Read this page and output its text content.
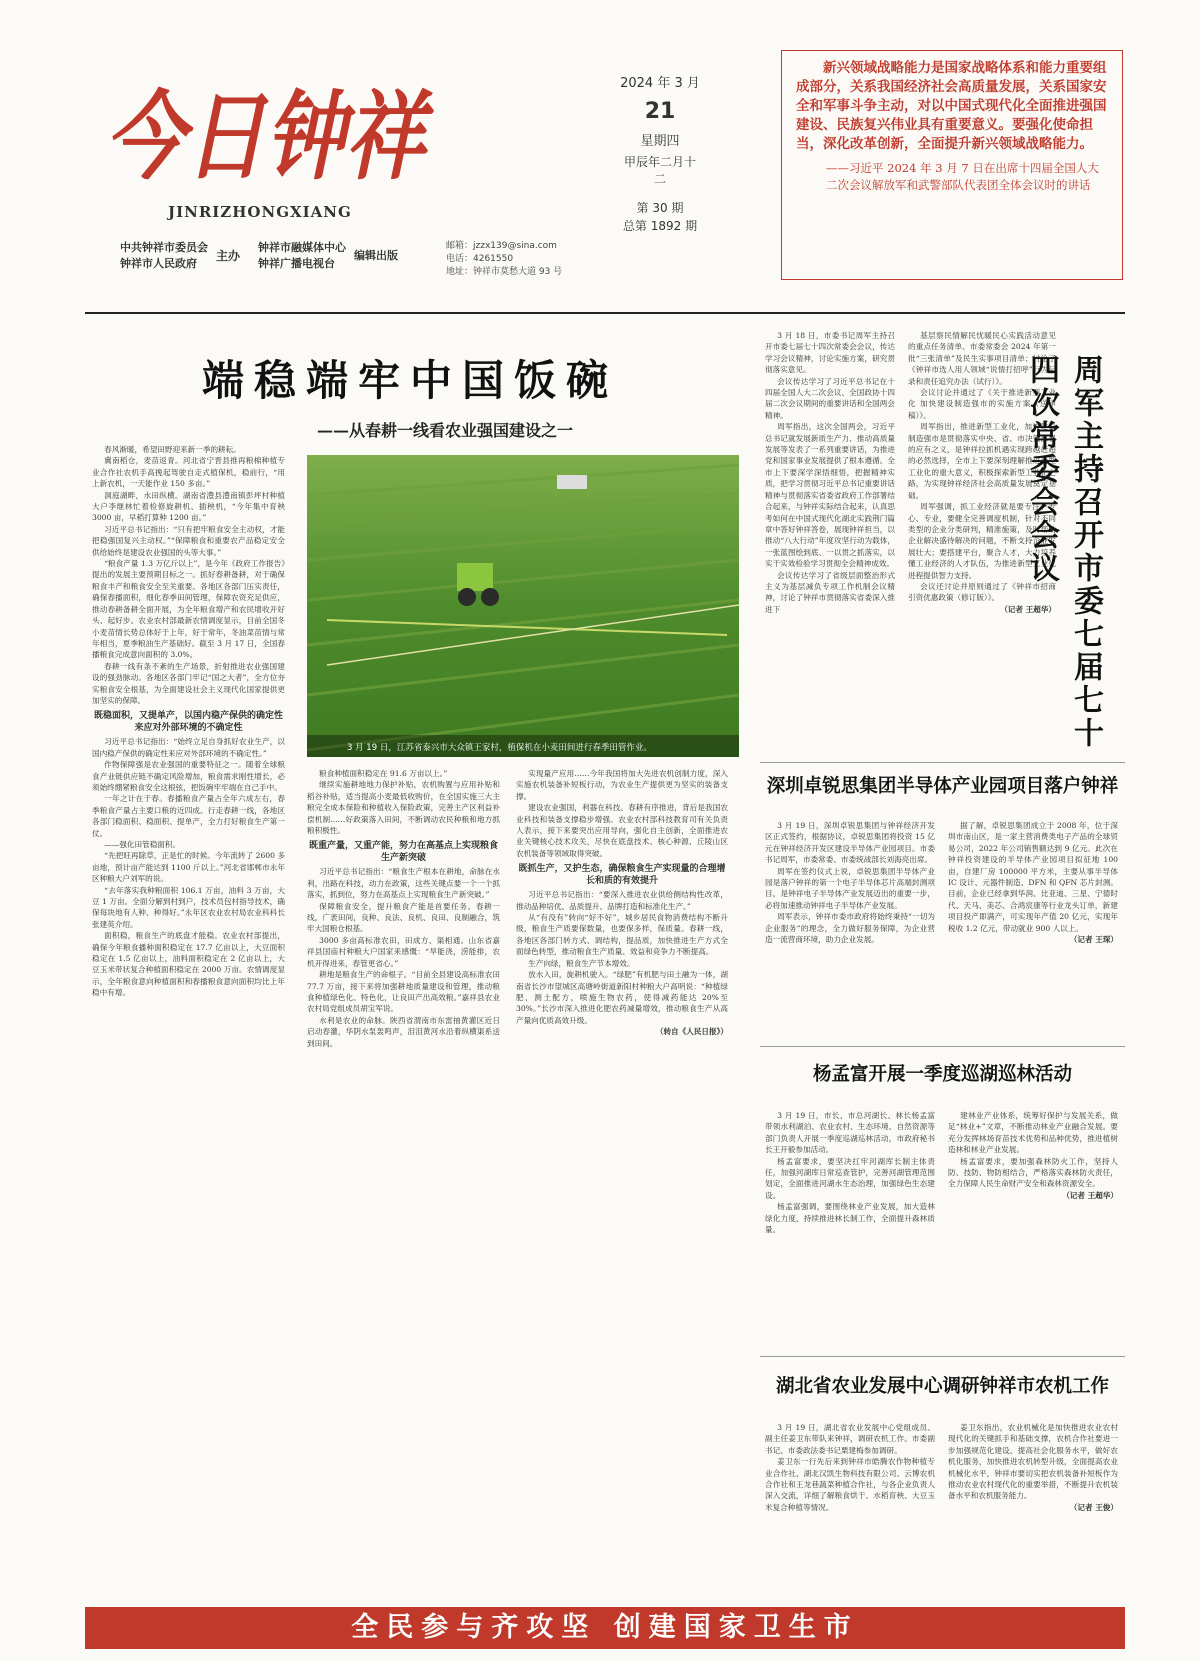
今日钟祥
JINRIZHONGXIANG
2024 年 3 月
21
星期四
甲辰年二月十二
第 30 期
总第 1892 期
中共钟祥市委员会
钟祥市人民政府
主办
钟祥市融媒体中心
钟祥广播电视台
编辑出版
邮箱：jzzx139@sina.com
电话：4261550
地址：钟祥市莫愁大道 93 号
新兴领域战略能力是国家战略体系和能力重要组成部分，关系我国经济社会高质量发展，关系国家安全和军事斗争主动，对以中国式现代化全面推进强国建设、民族复兴伟业具有重要意义。要强化使命担当，深化改革创新，全面提升新兴领域战略能力。
——习近平 2024 年 3 月 7 日在出席十四届全国人大二次会议解放军和武警部队代表团全体会议时的讲话
端稳端牢中国饭碗
——从春耕一线看农业强国建设之一
3 月 19 日，江苏省泰兴市大众镇王家村，植保机在小麦田间进行春季田管作业。

春风渐暖，希望田野迎来新一季的耕耘。

冀南稻仓，麦苗返青。河北省宁晋县推再粮棉种植专业合作社农机手高挽起驾驶自走式植保机，稳前行，“用上新农机，一天能作业 150 多亩。”

洞庭湖畔，水田纵横。湖南省澧县澧南镇彭坪村种植大户李继林忙着检修旋耕机、插秧机，“今年集中育秧 3000 亩，早稻打算种 1200 亩。”

习近平总书记指出：“只有把牢粮食安全主动权，才能把稳强国复兴主动权。”“保障粮食和重要农产品稳定安全供给始终是建设农业强国的头等大事。”

“粮食产量 1.3 万亿斤以上”，是今年《政府工作报告》提出的发展主要预期目标之一。抓好春耕备耕，对于确保粮食丰产和粮食安全至关重要。各地区各部门压实责任，确保春播面积，细化春季田间管理，保障农资充足供应，推动春耕备耕全面开展，为全年粮食增产和农民增收开好头、起好步。农业农村部最新农情调度显示，目前全国冬小麦苗情长势总体好于上年，好于常年，冬油菜苗情与常年相当，夏季粮油生产基础好。截至 3 月 17 日，全国春播粮食完成意向面积的 3.0%。

春耕一线有条不紊的生产场景，折射推进农业强国建设的强劲脉动。各地区各部门牢记“国之大者”，全方位夯实粮食安全根基，为全面建设社会主义现代化国家提供更加坚实的保障。

既稳面积，又提单产，以国内稳产保供的确定性来应对外部环境的不确定性

习近平总书记指出：“始终立足自身抓好农业生产，以国内稳产保供的确定性来应对外部环境的不确定性。”

作物保障强是农业强国的重要特征之一。随着全球粮食产业链供应链不确定风险增加，粮食需求刚性增长，必须始终绷紧粮食安全这根弦，把饭碗牢牢端在自己手中。

一年之计在于春。春播粮食产量占全年六成左右，春季粮食产量占主要口粮的近四成。行走春耕一线，各地区各部门稳面积、稳面积、提单产，全力打好粮食生产第一仗。

——强化田管稳面积。

“先把旺再除草，正是忙的时候。今年流转了 2600 多亩地，预计亩产能达到 1100 斤以上。”河北省邯郸市永年区种粮大户刘军的说。

“去年落实我种粮面积 106.1 万亩，油料 3 万亩，大豆 1 万亩。全面分解到村到户，技术员包村指导技术，确保每块地有人种、种得好。”永年区农业农村局农业科科长张建英介绍。

面积稳，粮食生产的底盘才能稳。农业农村部提出，确保今年粮食播种面积稳定在 17.7 亿亩以上，大豆面积稳定在 1.5 亿亩以上，油料面积稳定在 2 亿亩以上，大豆玉米带状复合种植面积稳定在 2000 万亩。农情调度显示，全年粮食意向种植面积和春播粮食意向面积均比上年稳中有增。

粮食种植面积稳定在 91.6 万亩以上。”

继续实施耕地地力保护补贴，农机购置与应用补贴和稻谷补贴，适当提高小麦最低收购价，在全国实施三大主粮完全成本保险和种植收入保险政策，完善主产区利益补偿机制……好政策落入田间，不断调动农民种粮和地方抓粮积极性。

既重产量，又重产能，努力在高基点上实现粮食生产新突破

习近平总书记指出：“粮食生产根本在耕地，命脉在水利，出路在科技，动力在政策，这些关键点要一个一个抓落实，抓到位，努力在高基点上实现粮食生产新突破。”

保障粮食安全，提升粮食产能是首要任务。春耕一线，广袤田间，良种、良法、良机、良田、良制融合，筑牢大国粮仓根基。

3000 多亩高标准农田，田成方、渠相通。山东省嘉祥县国庙村种粮大户国家来感慨：“旱能浇，涝能排，农机开得进来，春管更省心。”

耕地是粮食生产的命根子。“目前全县建设高标准农田 77.7 万亩，接下来将加强耕地质量建设和管理，推动粮食种植绿色化、特色化，让良田产出高效粮。”嘉祥县农业农村局党组成员胡宝军说。

水利是农业的命脉。陕西省渭南市东雷抽黄灌区近日启动春灌，华阴水泵轰鸣声，泪泪黄河水沿着纵横渠系送到田间。

实现量产应用……今年我国将加大先进农机创制力度，深入实施农机装备补短板行动，为农业生产提供更为坚实的装备支撑。

建设农业强国，利器在科技。春耕有序推进，背后是我国农业科技和装备支撑稳步增强。农业农村部科技教育司有关负责人表示，接下来要突出应用导向，强化自主创新，全面推进农业关键核心技术攻关，尽快在底盘技术、核心种源、丘陵山区农机装备等领域取得突破。

既抓生产，又护生态，确保粮食生产实现量的合理增长和质的有效提升

习近平总书记指出：“要深入推进农业供给侧结构性改革，推动品种培优、品质提升、品牌打造和标准化生产。”

从“有没有”转向“好不好”，城乡居民食物消费结构不断升级，粮食生产质要保数量，也要保多样，保质量。春耕一线，各地区各部门转方式、调结构，提品质，加快推进生产方式全面绿色转型，推动粮食生产质量、效益和竞争力不断提高。

生产向绿，粮食生产节本增效。

放水入田，旋耕机驶入。“绿肥”有机肥与田土融为一体，湖南省长沙市望城区高塘岭街道新阳村种粮大户高明说：“种植绿肥，测土配方，喷施生物农药，使得减药能达 20%至 30%。”长沙市深入推进化肥农药减量增效，推动粮食生产从高产量向优质高效升级。

（转自《人民日报》）

3 月 18 日，市委书记周军主持召开市委七届七十四次常委会会议，传达学习会议精神，讨论实施方案，研究贯彻落实意见。

会议传达学习了习近平总书记在十四届全国人大二次会议、全国政协十四届二次会议期间的重要讲话和全国两会精神。

周军指出，这次全国两会，习近平总书记就发展新质生产力、推动高质量发展等发表了一系列重要讲话，为推进党和国家事业发展提供了根本遵循。全市上下要深学深悟细悟，把握精神实质，把学习贯彻习近平总书记重要讲话精神与贯彻落实省委省政府工作部署结合起来，与钟祥实际结合起来，认真思考如何在中国式现代化湖北实践荆门篇章中答好钟祥答卷，展现钟祥担当，以推动“八大行动”年度攻坚行动为载体，一张蓝图绘到底、一以贯之抓落实，以实干实效检验学习贯彻全会精神成效。

会议传达学习了省级层面整治形式主义为基层减负专项工作机制会议精神，讨论了钟祥市贯彻落实省委深入推进下

基层察民情解民忧暖民心实践活动意见的重点任务清单、市委常委会 2024 年第一批“三张清单”及民生实事项目清单；讨论了《钟祥市选人用人领域“说情打招呼”行为记录和责任追究办法（试行）》。

会议讨论并通过了《关于推进新型工业化 加快建设制造强市的实施方案（送审稿）》。

周军指出，推进新型工业化，加快建设制造强市是贯彻落实中央、省、市决策部署的应有之义，是钟祥拉抓机遇实现跨越赶超的必然选择，全市上下要深刻理解推进新型工业化的重大意义，积极探索新型工业化之路，为实现钟祥经济社会高质量发展奠定基础。

周军强调，抓工业经济就是要专注、专心、专业，要健全完善调度机制，针对不同类型的企业分类研判，精准施策，及时帮助企业解决盛待解决的问题，不断支持企业发展壮大；要搭建平台，聚合人才，大力培养懂工业经济的人才队伍，为推进新型工业化进程提供智力支持。

会议还讨论并原则通过了《钟祥市招商引资优惠政策（修订版）》。

（记者 王超华） 周军主持召开市委七届七十四次常委会会议
深圳卓锐思集团半导体产业园项目落户钟祥

3 月 19 日，深圳卓锐思集团与钟祥经济开发区正式签约，根据协议，卓锐思集团将投资 15 亿元在钟祥经济开发区建设半导体产业园项目。市委书记周军，市委常委、市委统战部长刘海亮出席。

周军在签约仪式上说，卓锐思集团半导体产业园是落户钟祥的第一个电子半导体芯片高端封测项目，是钟祥电子半导体产业发展迈出的重要一步，必将加速推动钟祥电子半导体产业发展。

周军表示，钟祥市委市政府将始终秉持“一切为企业服务”的理念，全力做好服务保障，为企业营造一流营商环境，助力企业发展。

据了解，卓锐思集团成立于 2008 年，位于深圳市南山区，是一家主营消费类电子产品的全球贸易公司，2022 年公司销售额达到 9 亿元。此次在钟祥投资建设的半导体产业园项目拟征地 100 亩，自建厂房 100000 平方米，主要从事半导体 IC 设计、元器件制造、DFN 和 QFN 芯片封测。目前，企业已经拿到华润、比亚迪、三星、宁德时代、天马、美芯、合鸿宸康等行业龙头订单，新建项目投产即满产，可实现年产值 20 亿元，实现年税收 1.2 亿元，带动就业 900 人以上。

（记者 王琛）
杨孟富开展一季度巡湖巡林活动

3 月 19 日，市长、市总河湖长、林长杨孟富带领水利湖泊、农业农村、生态环境、自然资源等部门负责人开展一季度巡湖巡林活动，市政府秘书长王开毅参加活动。

杨孟富要求，要坚决扛牢河湖库长制主体责任，加强河湖库日常巡查管护，完善河湖管理范围划定，全面推进河湖水生态治理，加强绿色生态建设。

杨孟富强调，要围绕林业产业发展，加大造林绿化力度，持续推进林长制工作，全面提升森林质量。

建林业产业体系，统筹好保护与发展关系，做足“林业+”文章，不断推动林业产业融合发展。要充分发挥林场育苗技术优势和品种优势，推进植树造林和林业产业发展。

杨孟富要求，要加强森林防火工作，坚持人防、技防、物防相结合，严格落实森林防火责任，全力保障人民生命财产安全和森林资源安全。

（记者 王超华）
湖北省农业发展中心调研钟祥市农机工作

3 月 19 日，湖北省农业发展中心党组成员、副主任姜卫东带队来钟祥，调研农机工作。市委副书记、市委政法委书记栗建梅参加调研。

姜卫东一行先后来到钟祥市皓腾农作物种植专业合作社、湖北汉凯生物科技有限公司、云博农机合作社和王龙巷蔬菜种植合作社，与各企业负责人深入交流，详细了解粮食烘干、水稻育秧、大豆玉米复合种植等情况。

姜卫东指出，农业机械化是加快推进农业农村现代化的关键抓手和基础支撑，农机合作社要进一步加强规范化建设，提高社会化服务水平，做好农机化服务，加快推进农机转型升级，全面提高农业机械化水平，钟祥市要切实把农机装备补短板作为推动农业农村现代化的重要举措，不断提升农机装备水平和农机服务能力。

（记者 王俊）
全民参与齐攻坚 创建国家卫生市
